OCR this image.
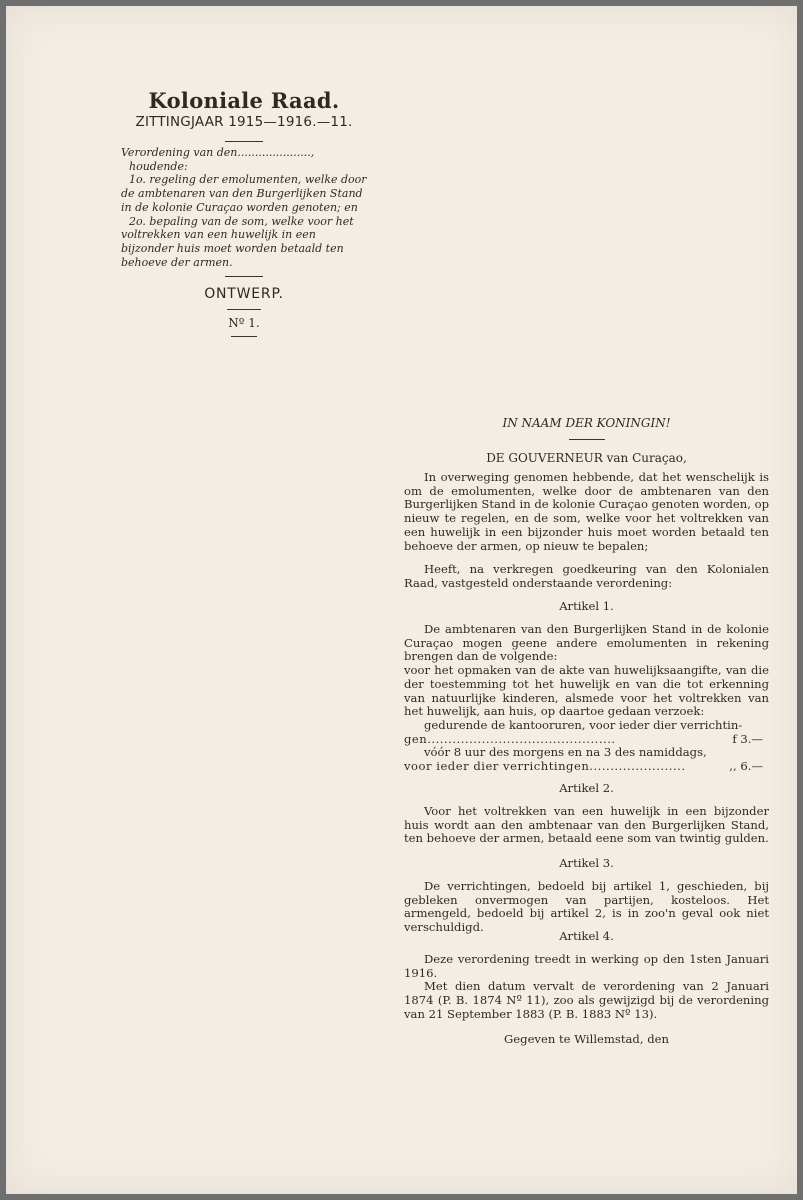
Koloniale Raad.
ZITTINGJAAR 1915—1916.—11.

Verordening van den.....................,

houdende:

1o. regeling der emolumenten, welke door de ambtenaren van den Burgerlijken Stand in de kolonie Curaçao worden genoten; en

2o. bepaling van de som, welke voor het voltrekken van een huwelijk in een bijzonder huis moet worden betaald ten behoeve der armen.

ONTWERP.
Nº 1.
IN NAAM DER KONINGIN!
DE GOUVERNEUR van Curaçao,

In overweging genomen hebbende, dat het wenschelijk is om de emolumenten, welke door de ambtenaren van den Burgerlijken Stand in de kolonie Curaçao genoten worden, op nieuw te regelen, en de som, welke voor het voltrekken van een huwelijk in een bijzonder huis moet worden betaald ten behoeve der armen, op nieuw te bepalen;

Heeft, na verkregen goedkeuring van den Kolonialen Raad, vastgesteld onderstaande verordening:

Artikel 1.

De ambtenaren van den Burgerlijken Stand in de kolonie Curaçao mogen geene andere emolumenten in rekening brengen dan de volgende:

voor het opmaken van de akte van huwelijksaangifte, van die der toestemming tot het huwelijk en van die tot erkenning van natuurlijke kinderen, alsmede voor het voltrekken van het huwelijk, aan huis, op daartoe gedaan verzoek:

gedurende de kantooruren, voor ieder dier verrichtin-

gen.............................................	f 3.—

vóór 8 uur des morgens en na 3 des namiddags,

voor ieder dier verrichtingen.......................	,, 6.—
Artikel 2.

Voor het voltrekken van een huwelijk in een bijzonder huis wordt aan den ambtenaar van den Burgerlijken Stand, ten behoeve der armen, betaald eene som van twintig gulden.

Artikel 3.

De verrichtingen, bedoeld bij artikel 1, geschieden, bij gebleken onvermogen van partijen, kosteloos. Het armengeld, bedoeld bij artikel 2, is in zoo'n geval ook niet verschuldigd.

Artikel 4.

Deze verordening treedt in werking op den 1sten Januari 1916.

Met dien datum vervalt de verordening van 2 Januari 1874 (P. B. 1874 Nº 11), zoo als gewijzigd bij de verordening van 21 September 1883 (P. B. 1883 Nº 13).

Gegeven te Willemstad, den
